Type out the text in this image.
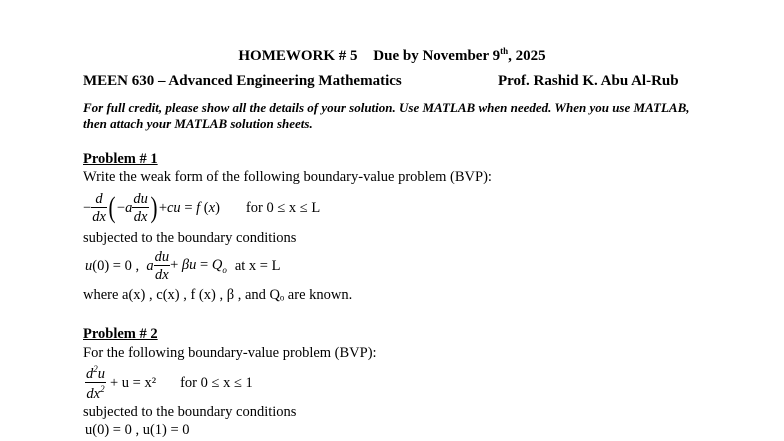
HOMEWORK # 5 Due by November 9th, 2025
MEEN 630 – Advanced Engineering Mathematics	Prof. Rashid K. Abu Al-Rub
For full credit, please show all the details of your solution. Use MATLAB when needed. When you use MATLAB, then attach your MATLAB solution sheets.
Problem # 1
Write the weak form of the following boundary-value problem (BVP):
− $\frac{d}{dx}$ ( $-a \frac{du}{dx}$ ) +cu = f (x) for 0 ≤ x ≤ L
subjected to the boundary conditions
u(0) = 0 ,  a $\frac{du}{dx} + \beta u = Q_o$ at x = L
where a(x) , c(x) , f (x) , β , and Qₒ are known.
Problem # 2
For the following boundary-value problem (BVP):
$\frac{d^2u}{dx^2} + u = x^2$ for 0 ≤ x ≤ 1
subjected to the boundary conditions
u(0) = 0 , u(1) = 0
